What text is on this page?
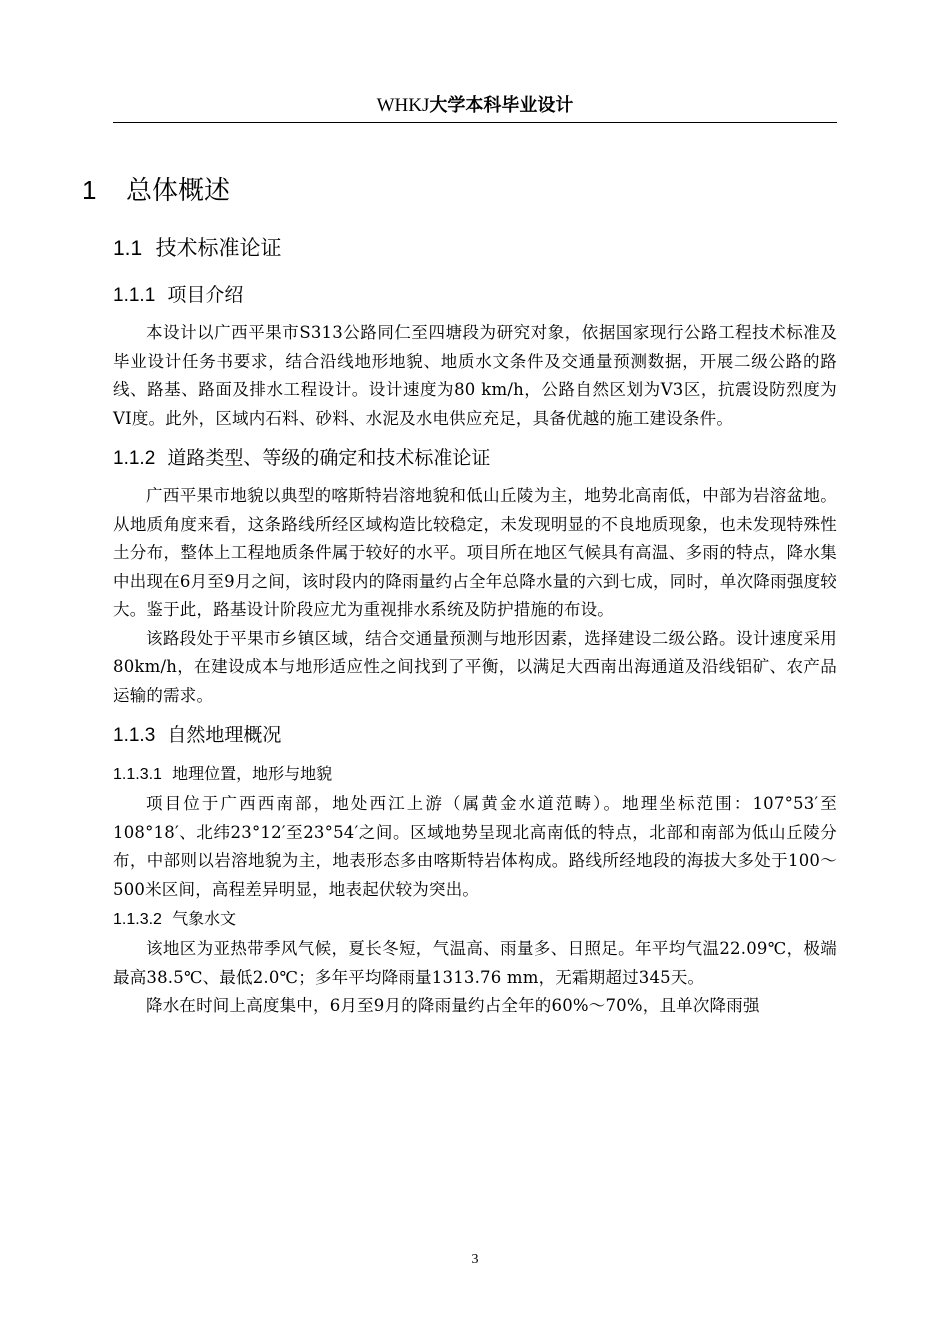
WHKJ大学本科毕业设计
1 总体概述
1.1 技术标准论证
1.1.1 项目介绍

本设计以广西平果市S313公路同仁至四塘段为研究对象，依据国家现行公路工程技术标准及毕业设计任务书要求，结合沿线地形地貌、地质水文条件及交通量预测数据，开展二级公路的路线、路基、路面及排水工程设计。设计速度为80 km/h，公路自然区划为V3区，抗震设防烈度为VI度。此外，区域内石料、砂料、水泥及水电供应充足，具备优越的施工建设条件。

1.1.2 道路类型、等级的确定和技术标准论证

广西平果市地貌以典型的喀斯特岩溶地貌和低山丘陵为主，地势北高南低，中部为岩溶盆地。从地质角度来看，这条路线所经区域构造比较稳定，未发现明显的不良地质现象，也未发现特殊性土分布，整体上工程地质条件属于较好的水平。项目所在地区气候具有高温、多雨的特点，降水集中出现在6月至9月之间，该时段内的降雨量约占全年总降水量的六到七成，同时，单次降雨强度较大。鉴于此，路基设计阶段应尤为重视排水系统及防护措施的布设。

该路段处于平果市乡镇区域，结合交通量预测与地形因素，选择建设二级公路。设计速度采用 80km/h，在建设成本与地形适应性之间找到了平衡，以满足大西南出海通道及沿线铝矿、农产品运输的需求。

1.1.3 自然地理概况
1.1.3.1 地理位置，地形与地貌

项目位于广西西南部，地处西江上游（属黄金水道范畴）。地理坐标范围：107°53′至108°18′、北纬23°12′至23°54′之间。区域地势呈现北高南低的特点，北部和南部为低山丘陵分布，中部则以岩溶地貌为主，地表形态多由喀斯特岩体构成。路线所经地段的海拔大多处于100～500米区间，高程差异明显，地表起伏较为突出。

1.1.3.2 气象水文

该地区为亚热带季风气候，夏长冬短，气温高、雨量多、日照足。年平均气温22.09℃，极端最高38.5℃、最低2.0℃；多年平均降雨量1313.76 mm，无霜期超过345天。

降水在时间上高度集中，6月至9月的降雨量约占全年的60%～70%，且单次降雨强

3
